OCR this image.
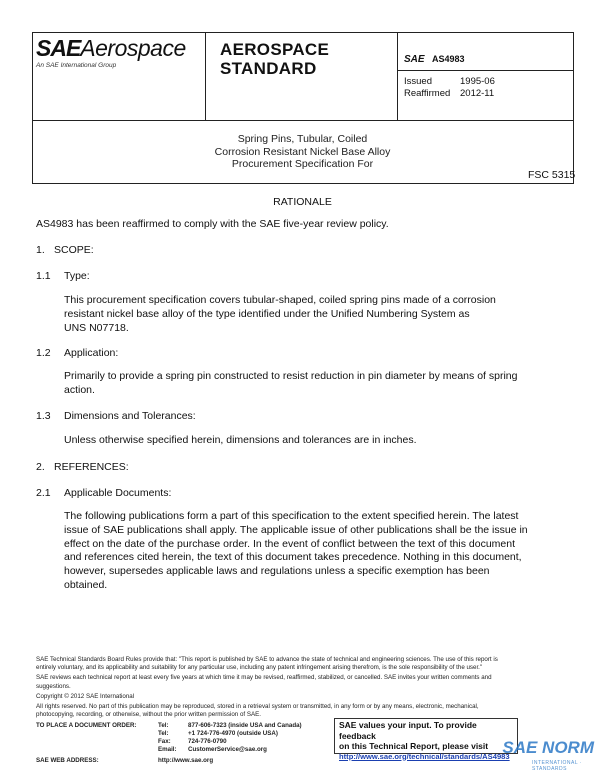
SAEAerospace
An SAE International Group
AEROSPACE
STANDARD	SAE AS4983
Issued	1995-06
Reaffirmed 2012-11
Spring Pins, Tubular, Coiled
Corrosion Resistant Nickel Base Alloy
Procurement Specification For
FSC 5315
RATIONALE
AS4983 has been reaffirmed to comply with the SAE five-year review policy.
1. SCOPE:
1.1 Type:
This procurement specification covers tubular-shaped, coiled spring pins made of a corrosion
resistant nickel base alloy of the type identified under the Unified Numbering System as
UNS N07718.
1.2 Application:
Primarily to provide a spring pin constructed to resist reduction in pin diameter by means of spring
action.
1.3 Dimensions and Tolerances:
Unless otherwise specified herein, dimensions and tolerances are in inches.
2. REFERENCES:
2.1 Applicable Documents:
The following publications form a part of this specification to the extent specified herein. The latest
issue of SAE publications shall apply. The applicable issue of other publications shall be the issue in
effect on the date of the purchase order. In the event of conflict between the text of this document
and references cited herein, the text of this document takes precedence. Nothing in this document,
however, supersedes applicable laws and regulations unless a specific exemption has been
obtained.
SAE Technical Standards Board Rules provide that: "This report is published by SAE to advance the state of technical and engineering sciences. The use of this report is
entirely voluntary, and its applicability and suitability for any particular use, including any patent infringement arising therefrom, is the sole responsibility of the user."
SAE reviews each technical report at least every five years at which time it may be revised, reaffirmed, stabilized, or cancelled. SAE invites your written comments and
suggestions.
Copyright © 2012 SAE International
All rights reserved. No part of this publication may be reproduced, stored in a retrieval system or transmitted, in any form or by any means, electronic, mechanical,
photocopying, recording, or otherwise, without the prior written permission of SAE.
TO PLACE A DOCUMENT ORDER:	Tel:	877-606-7323 (inside USA and Canada)
Tel:	+1 724-776-4970 (outside USA)
Fax:	724-776-0790
Email: CustomerService@sae.org
SAE WEB ADDRESS:	http://www.sae.org
SAE values your input. To provide feedback
on this Technical Report, please visit
http://www.sae.org/technical/standards/AS4983
SAE NORM
INTERNATIONAL · STANDARDS
